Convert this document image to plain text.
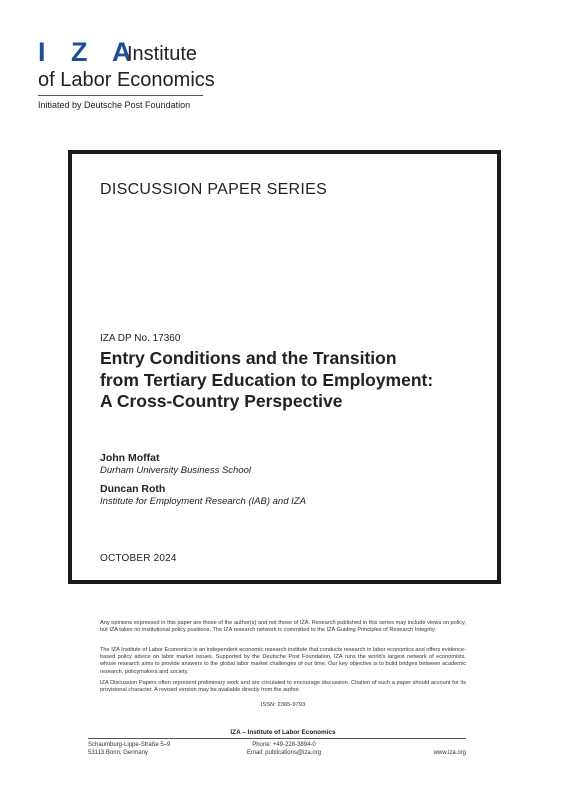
I Z A
Institute
of Labor Economics
Initiated by Deutsche Post Foundation
DISCUSSION PAPER SERIES
IZA DP No. 17360
Entry Conditions and the Transition
from Tertiary Education to Employment:
A Cross-Country Perspective
John Moffat
Durham University Business School
Duncan Roth
Institute for Employment Research (IAB) and IZA
OCTOBER 2024
Any opinions expressed in this paper are those of the author(s) and not those of IZA. Research published in this series may include views on policy, but IZA takes no institutional policy positions. The IZA research network is committed to the IZA Guiding Principles of Research Integrity.
The IZA Institute of Labor Economics is an independent economic research institute that conducts research in labor economics and offers evidence-based policy advice on labor market issues. Supported by the Deutsche Post Foundation, IZA runs the world’s largest network of economists, whose research aims to provide answers to the global labor market challenges of our time. Our key objective is to build bridges between academic research, policymakers and society.
IZA Discussion Papers often represent preliminary work and are circulated to encourage discussion. Citation of such a paper should account for its provisional character. A revised version may be available directly from the author.
ISSN: 2365-9793
IZA – Institute of Labor Economics
Schaumburg-Lippe-Straße 5–9
53113 Bonn, Germany
Phone: +49-228-3894-0
Email: publications@iza.org	www.iza.org
